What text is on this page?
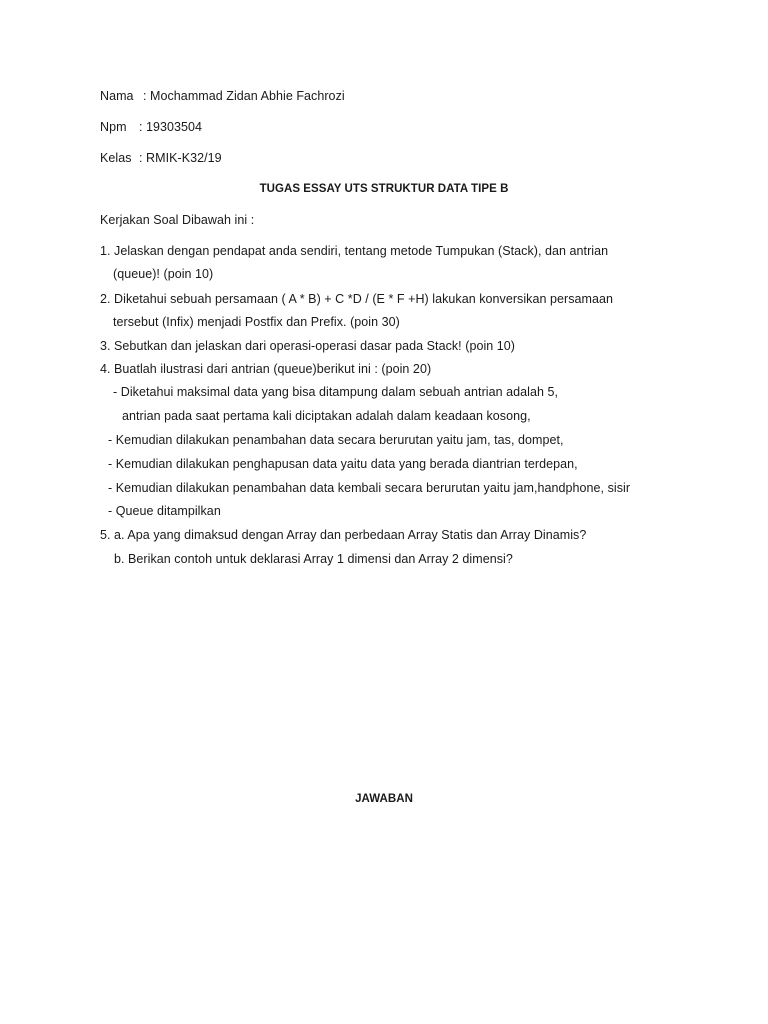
Nama : Mochammad Zidan Abhie Fachrozi
Npm : 19303504
Kelas : RMIK-K32/19
TUGAS ESSAY UTS STRUKTUR DATA TIPE B
Kerjakan Soal Dibawah ini :
1. Jelaskan dengan pendapat anda sendiri, tentang metode Tumpukan (Stack), dan antrian
(queue)! (poin 10)
2. Diketahui sebuah persamaan ( A * B) + C *D / (E * F +H) lakukan konversikan persamaan
tersebut (Infix) menjadi Postfix dan Prefix. (poin 30)
3. Sebutkan dan jelaskan dari operasi-operasi dasar pada Stack! (poin 10)
4. Buatlah ilustrasi dari antrian (queue)berikut ini : (poin 20)
- Diketahui maksimal data yang bisa ditampung dalam sebuah antrian adalah 5,
antrian pada saat pertama kali diciptakan adalah dalam keadaan kosong,
- Kemudian dilakukan penambahan data secara berurutan yaitu jam, tas, dompet,
- Kemudian dilakukan penghapusan data yaitu data yang berada diantrian terdepan,
- Kemudian dilakukan penambahan data kembali secara berurutan yaitu jam,handphone, sisir
- Queue ditampilkan
5. a. Apa yang dimaksud dengan Array dan perbedaan Array Statis dan Array Dinamis?
b. Berikan contoh untuk deklarasi Array 1 dimensi dan Array 2 dimensi?
JAWABAN
